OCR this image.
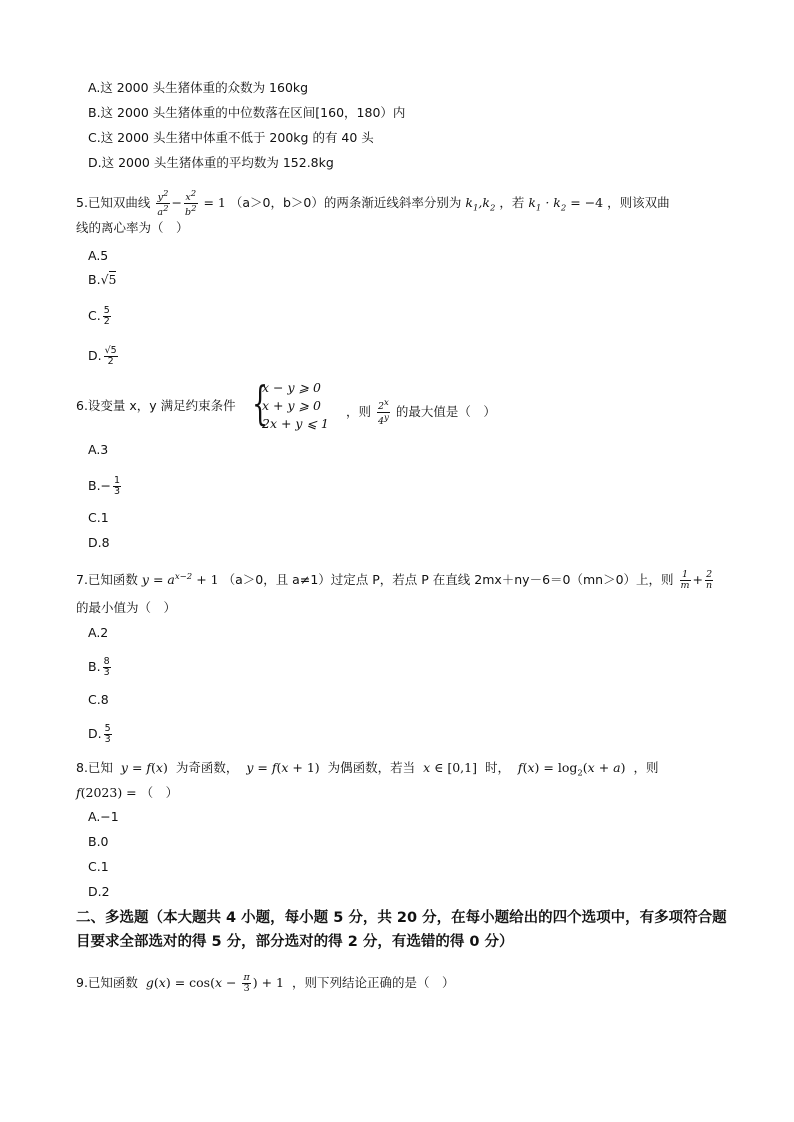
A.这 2000 头生猪体重的众数为 160kg
B.这 2000 头生猪体重的中位数落在区间[160，180）内
C.这 2000 头生猪中体重不低于 200kg 的有 40 头
D.这 2000 头生猪体重的平均数为 152.8kg
5.已知双曲线 $\frac{y^2}{a^2} - \frac{x^2}{b^2} = 1$ （a＞0，b＞0）的两条渐近线斜率分别为 $k_1,k_2$ ，若 $k_1 \cdot k_2 = -4$ ，则该双曲
线的离心率为（　）
A.5
B.√5
C. $\frac{5}{2}$
D. $\frac{√5}{2}$
6.设变量 x，y 满足约束条件 {
x − y ⩾ 0
x + y ⩾ 0
2x + y ⩽ 1
，则 $\frac{2^x}{4^y}$ 的最大值是（　）
A.3
$B.- \frac{1}{3}$
C.1
D.8
7.已知函数 $y = a^{x-2} + 1$ （a＞0，且 a≠1）过定点 P，若点 P 在直线 2mx＋ny－6＝0（mn＞0）上，则 $\frac{1}{m} + \frac{2}{n}$
的最小值为（　）
A.2
B. $\frac{8}{3}$
C.8
D. $\frac{5}{3}$
8.已知  y = f(x) 为奇函数，  y = f(x + 1) 为偶函数，若当  x ∈ [0,1] 时，  $f(x) = \log_2(x + a)$ ，则
f(2023) = （　）
A.−1
B.0
C.1
D.2
二、多选题（本大题共 4 小题，每小题 5 分，共 20 分，在每小题给出的四个选项中，有多项符合题目要求全部选对的得 5 分，部分选对的得 2 分，有选错的得 0 分）
9.已知函数  $g(x) = \cos(x - \frac{\pi}{3}$ ) + 1 ，则下列结论正确的是（　）
